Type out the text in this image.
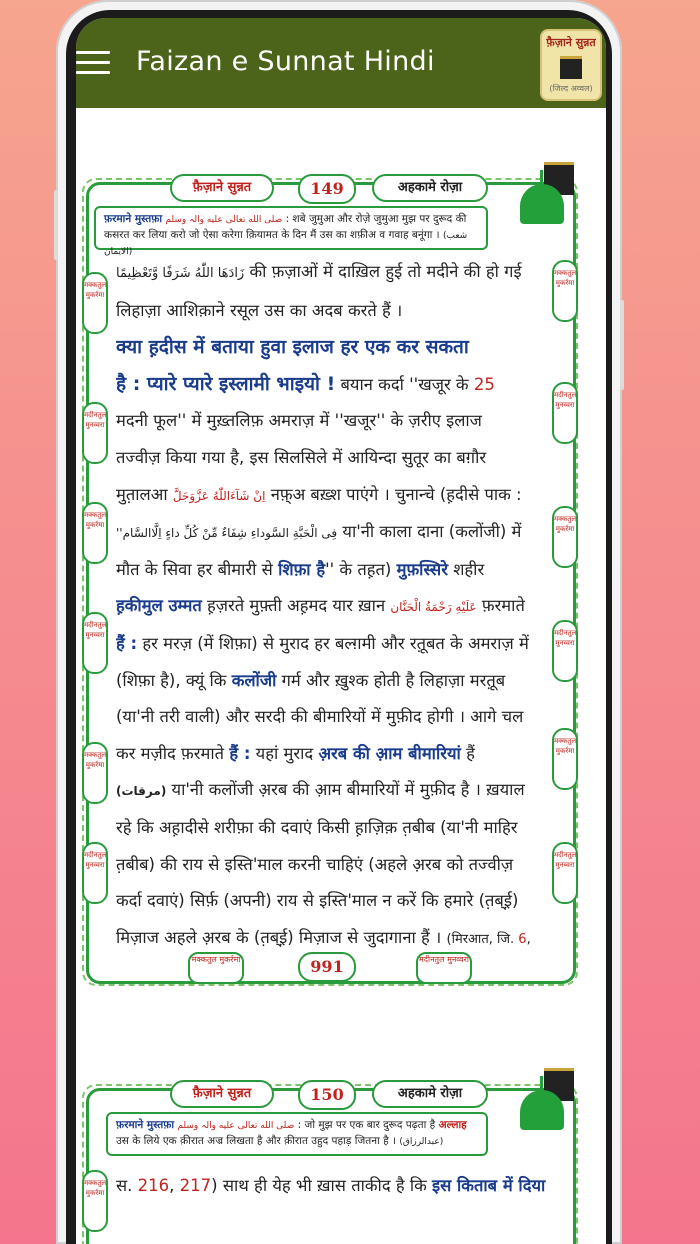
Faizan e Sunnat Hindi
फ़ैज़ाने सुन्नत
(जिल्द अव्वल)
फ़ैज़ाने सुन्नत	149	अहकामे रोज़ा
फ़रमाने मुस्तफ़ा صلى الله تعالى عليه والہ وسلم : शबे जुमुआ और रोज़े जुमुआ मुझ पर दुरूद की कसरत कर लिया करो जो ऐसा करेगा क़ियामत के दिन मैं उस का शफ़ीअ व गवाह बनूंगा । (شعب الایمان)
मक्कतुल मुकर्रमा
मदीनतुल मुनव्वरा
मक्कतुल मुकर्रमा
मदीनतुल मुनव्वरा
मक्कतुल मुकर्रमा
मदीनतुल मुनव्वरा
मक्कतुल मुकर्रमा
मदीनतुल मुनव्वरा
मक्कतुल मुकर्रमा
मदीनतुल मुनव्वरा
मक्कतुल मुकर्रमा
मदीनतुल मुनव्वरा
زَادَهَا اللّٰهُ شَرَفًا وَّتَعْظِيمًا की फ़ज़ाओं में दाख़िल हुई तो मदीने की हो गई
लिहाज़ा आशिक़ाने रसूल उस का अदब करते हैं ।
क्या ह़दीस में बताया हुवा इलाज हर एक कर सकता
है : प्यारे प्यारे इस्लामी भाइयो ! बयान कर्दा ''खजूर के 25
मदनी फूल'' में मुख़्तलिफ़ अमराज़ में ''खजूर'' के ज़रीए इलाज
तज्वीज़ किया गया है, इस सिलसिले में आयिन्दा सुतूर का बग़ौर
मुत़ालआ اِنْ شَآءَاللّٰهُ عَزَّوَجَلَّ नफ़्अ बख़्श पाएंगे । चुनान्चे (ह़दीसे पाक :
''فِى الْحَبَّةِ السَّوداءِ شِفَاءٌ مِّنْ كُلِّ داءٍ اِلَّاالسَّام या'नी काला दाना (कलोंजी) में
मौत के सिवा हर बीमारी से शिफ़ा है'' के तह़त) मुफ़स्सिरे शहीर
ह़कीमुल उम्मत ह़ज़रते मुफ़्ती अह़मद यार ख़ान عَلَيْهِ رَحْمَةُ الْحَنَّان फ़रमाते
हैं : हर मरज़ (में शिफ़ा) से मुराद हर बल्ग़मी और रत़ूबत के अमराज़ में
(शिफ़ा है), क्यूं कि कलोंजी गर्म और ख़ुश्क होती है लिहाज़ा मरत़ूब
(या'नी तरी वाली) और सरदी की बीमारियों में मुफ़ीद होगी । आगे चल
कर मज़ीद फ़रमाते हैं : यहां मुराद अ़रब की आ़म बीमारियां हैं
(مرقات) या'नी कलोंजी अ़रब की आ़म बीमारियों में मुफ़ीद है । ख़याल
रहे कि अह़ादीसे शरीफ़ा की दवाएं किसी ह़ाज़िक़ त़बीब (या'नी माहिर
त़बीब) की राय से इस्ति'माल करनी चाहिएं (अहले अ़रब को तज्वीज़
कर्दा दवाएं) सिर्फ़ (अपनी) राय से इस्ति'माल न करें कि हमारे (त़ब्ई़)
मिज़ाज अहले अ़रब के (त़ब्ई़) मिज़ाज से जुदागाना हैं । (मिरआत, जि. 6,
मक्कतुल मुकर्रमा	991	मदीनतुल मुनव्वरा
फ़ैज़ाने सुन्नत	150	अहकामे रोज़ा
फ़रमाने मुस्तफ़ा صلى الله تعالى عليه والہ وسلم : जो मुझ पर एक बार दुरूद पढ़ता है अल्लाह उस के लिये एक क़ीरात अज्र लिखता है और क़ीरात उहुद पहाड़ जितना है । (عبدالرزاق)
मक्कतुल मुकर्रमा स. 216, 217) साथ ही येह भी ख़ास ताकीद है कि इस किताब में दिया
